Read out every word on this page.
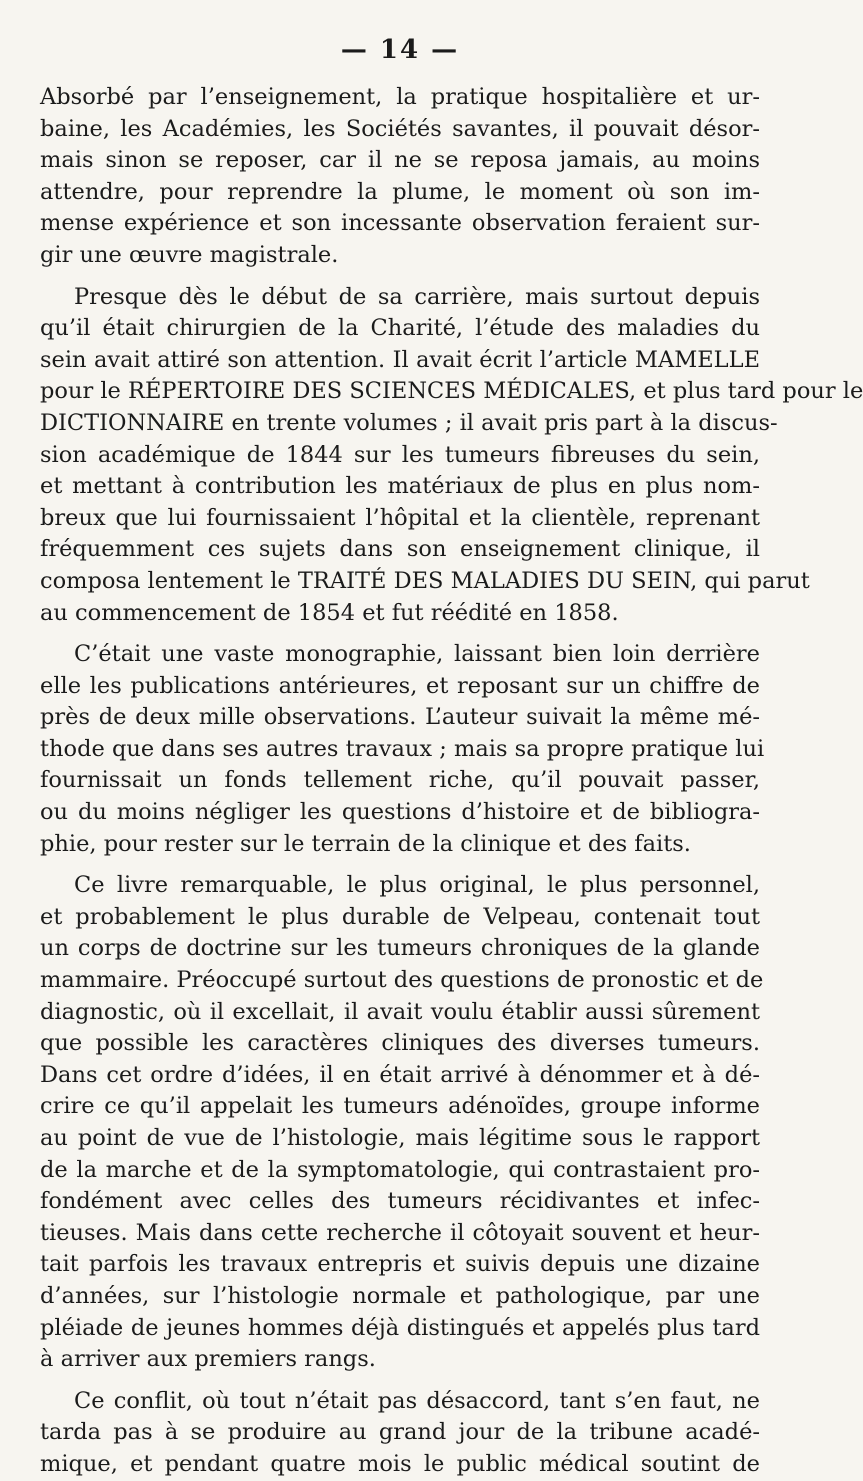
— 14 —
Absorbé par l’enseignement, la pratique hospitalière et ur-
baine, les Académies, les Sociétés savantes, il pouvait désor-
mais sinon se reposer, car il ne se reposa jamais, au moins
attendre, pour reprendre la plume, le moment où son im-
mense expérience et son incessante observation feraient sur-
gir une œuvre magistrale.
Presque dès le début de sa carrière, mais surtout depuis
qu’il était chirurgien de la Charité, l’étude des maladies du
sein avait attiré son attention. Il avait écrit l’article MAMELLE
pour le RÉPERTOIRE DES SCIENCES MÉDICALES, et plus tard pour le
DICTIONNAIRE en trente volumes ; il avait pris part à la discus-
sion académique de 1844 sur les tumeurs fibreuses du sein,
et mettant à contribution les matériaux de plus en plus nom-
breux que lui fournissaient l’hôpital et la clientèle, reprenant
fréquemment ces sujets dans son enseignement clinique, il
composa lentement le TRAITÉ DES MALADIES DU SEIN, qui parut
au commencement de 1854 et fut réédité en 1858.
C’était une vaste monographie, laissant bien loin derrière
elle les publications antérieures, et reposant sur un chiffre de
près de deux mille observations. L’auteur suivait la même mé-
thode que dans ses autres travaux ; mais sa propre pratique lui
fournissait un fonds tellement riche, qu’il pouvait passer,
ou du moins négliger les questions d’histoire et de bibliogra-
phie, pour rester sur le terrain de la clinique et des faits.
Ce livre remarquable, le plus original, le plus personnel,
et probablement le plus durable de Velpeau, contenait tout
un corps de doctrine sur les tumeurs chroniques de la glande
mammaire. Préoccupé surtout des questions de pronostic et de
diagnostic, où il excellait, il avait voulu établir aussi sûrement
que possible les caractères cliniques des diverses tumeurs.
Dans cet ordre d’idées, il en était arrivé à dénommer et à dé-
crire ce qu’il appelait les tumeurs adénoïdes, groupe informe
au point de vue de l’histologie, mais légitime sous le rapport
de la marche et de la symptomatologie, qui contrastaient pro-
fondément avec celles des tumeurs récidivantes et infec-
tieuses. Mais dans cette recherche il côtoyait souvent et heur-
tait parfois les travaux entrepris et suivis depuis une dizaine
d’années, sur l’histologie normale et pathologique, par une
pléiade de jeunes hommes déjà distingués et appelés plus tard
à arriver aux premiers rangs.
Ce conflit, où tout n’était pas désaccord, tant s’en faut, ne
tarda pas à se produire au grand jour de la tribune acadé-
mique, et pendant quatre mois le public médical soutint de
